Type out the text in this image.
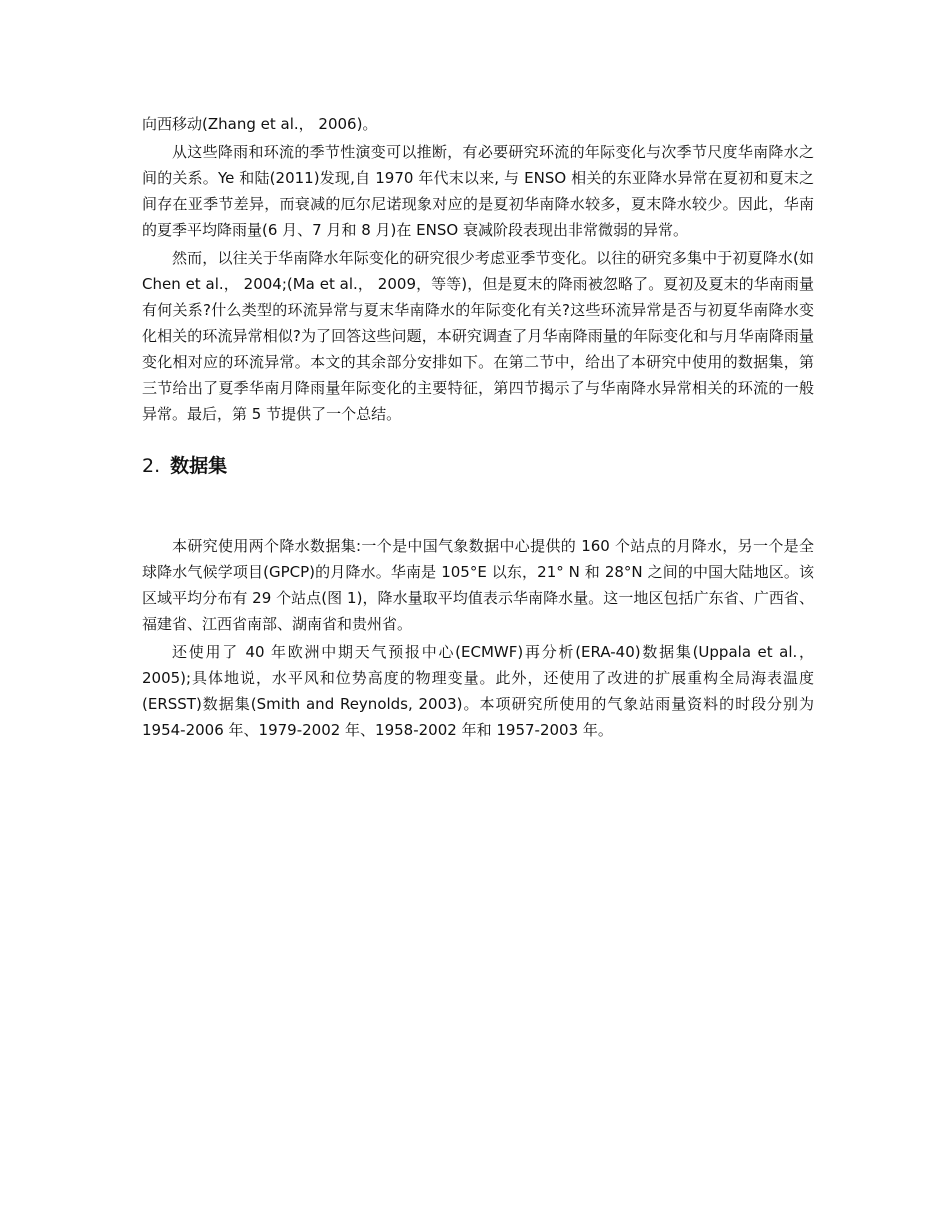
向西移动(Zhang et al.， 2006)。

从这些降雨和环流的季节性演变可以推断，有必要研究环流的年际变化与次季节尺度华南降水之间的关系。Ye 和陆(2011)发现,自 1970 年代末以来, 与 ENSO 相关的东亚降水异常在夏初和夏末之间存在亚季节差异，而衰减的厄尔尼诺现象对应的是夏初华南降水较多，夏末降水较少。因此，华南的夏季平均降雨量(6 月、7 月和 8 月)在 ENSO 衰减阶段表现出非常微弱的异常。

然而，以往关于华南降水年际变化的研究很少考虑亚季节变化。以往的研究多集中于初夏降水(如 Chen et al.， 2004;(Ma et al.， 2009，等等)，但是夏末的降雨被忽略了。夏初及夏末的华南雨量有何关系?什么类型的环流异常与夏末华南降水的年际变化有关?这些环流异常是否与初夏华南降水变化相关的环流异常相似?为了回答这些问题，本研究调查了月华南降雨量的年际变化和与月华南降雨量变化相对应的环流异常。本文的其余部分安排如下。在第二节中，给出了本研究中使用的数据集，第三节给出了夏季华南月降雨量年际变化的主要特征，第四节揭示了与华南降水异常相关的环流的一般异常。最后，第 5 节提供了一个总结。

2. 数据集

本研究使用两个降水数据集:一个是中国气象数据中心提供的 160 个站点的月降水，另一个是全球降水气候学项目(GPCP)的月降水。华南是 105°E 以东，21° N 和 28°N 之间的中国大陆地区。该区域平均分布有 29 个站点(图 1)，降水量取平均值表示华南降水量。这一地区包括广东省、广西省、福建省、江西省南部、湖南省和贵州省。

还使用了 40 年欧洲中期天气预报中心(ECMWF)再分析(ERA-40)数据集(Uppala et al.，2005);具体地说，水平风和位势高度的物理变量。此外，还使用了改进的扩展重构全局海表温度(ERSST)数据集(Smith and Reynolds, 2003)。本项研究所使用的气象站雨量资料的时段分别为 1954-2006 年、1979-2002 年、1958-2002 年和 1957-2003 年。
